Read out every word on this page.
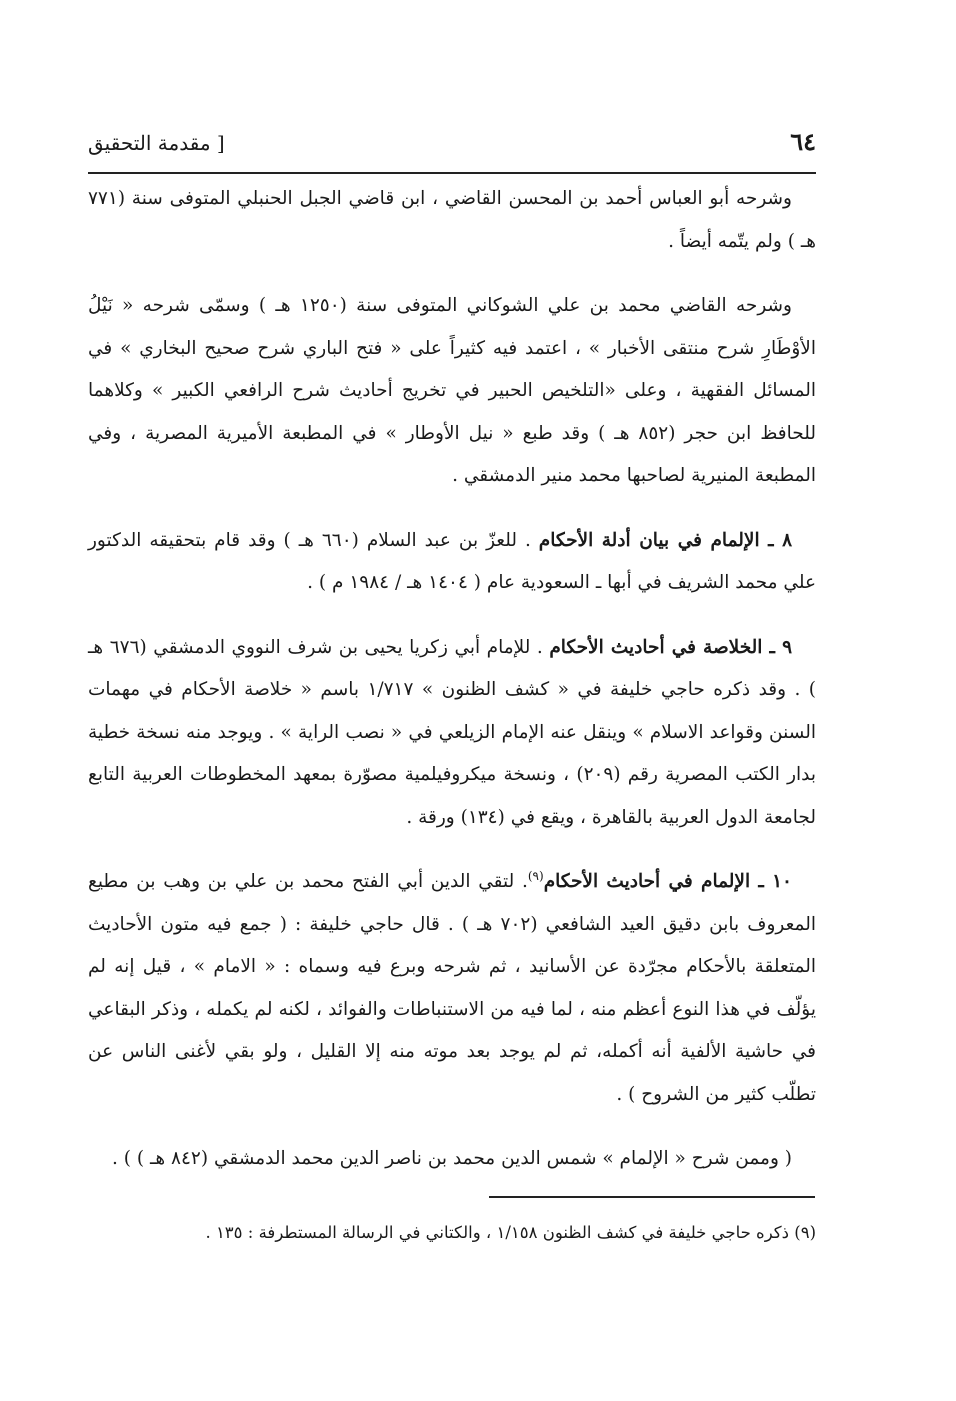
٦٤
[ مقدمة التحقيق

وشرحه أبو العباس أحمد بن المحسن القاضي ، ابن قاضي الجبل الحنبلي المتوفى سنة (٧٧١ هـ ) ولم يتّمه أيضاً .

وشرحه القاضي محمد بن علي الشوكاني المتوفى سنة (١٢٥٠ هـ ) وسمّى شرحه « نَيْلُ الأوْطَارِ شرح منتقى الأخبار » ، اعتمد فيه كثيراً على « فتح الباري شرح صحيح البخاري » في المسائل الفقهية ، وعلى «التلخيص الحبير في تخريج أحاديث شرح الرافعي الكبير » وكلاهما للحافظ ابن حجر (٨٥٢ هـ ) وقد طبع « نيل الأوطار » في المطبعة الأميرية المصرية ، وفي المطبعة المنيرية لصاحبها محمد منير الدمشقي .

٨ ـ الإلمام في بيان أدلة الأحكام . للعزّ بن عبد السلام (٦٦٠ هـ ) وقد قام بتحقيقه الدكتور علي محمد الشريف في أبها ـ السعودية عام ( ١٤٠٤ هـ / ١٩٨٤ م ) .

٩ ـ الخلاصة في أحاديث الأحكام . للإمام أبي زكريا يحيى بن شرف النووي الدمشقي (٦٧٦ هـ ) . وقد ذكره حاجي خليفة في « كشف الظنون » ١/٧١٧ باسم « خلاصة الأحكام في مهمات السنن وقواعد الاسلام » وينقل عنه الإمام الزيلعي في « نصب الراية » . ويوجد منه نسخة خطية بدار الكتب المصرية رقم (٢٠٩) ، ونسخة ميكروفيلمية مصوّرة بمعهد المخطوطات العربية التابع لجامعة الدول العربية بالقاهرة ، ويقع في (١٣٤) ورقة .

١٠ ـ الإلمام في أحاديث الأحكام$^{(٩)}$. لتقي الدين أبي الفتح محمد بن علي بن وهب بن مطيع المعروف بابن دقيق العيد الشافعي (٧٠٢ هـ ) . قال حاجي خليفة : ( جمع فيه متون الأحاديث المتعلقة بالأحكام مجرّدة عن الأسانيد ، ثم شرحه وبرع فيه وسماه : « الامام » ، قيل إنه لم يؤلّف في هذا النوع أعظم منه ، لما فيه من الاستنباطات والفوائد ، لكنه لم يكمله ، وذكر البقاعي في حاشية الألفية أنه أكمله، ثم لم يوجد بعد موته منه إلا القليل ، ولو بقي لأغنى الناس عن تطلّب كثير من الشروح ) .

( وممن شرح « الإلمام » شمس الدين محمد بن ناصر الدين محمد الدمشقي (٨٤٢ هـ ) ) .

(٩) ذكره حاجي خليفة في كشف الظنون ١/١٥٨ ، والكتاني في الرسالة المستطرفة : ١٣٥ .
